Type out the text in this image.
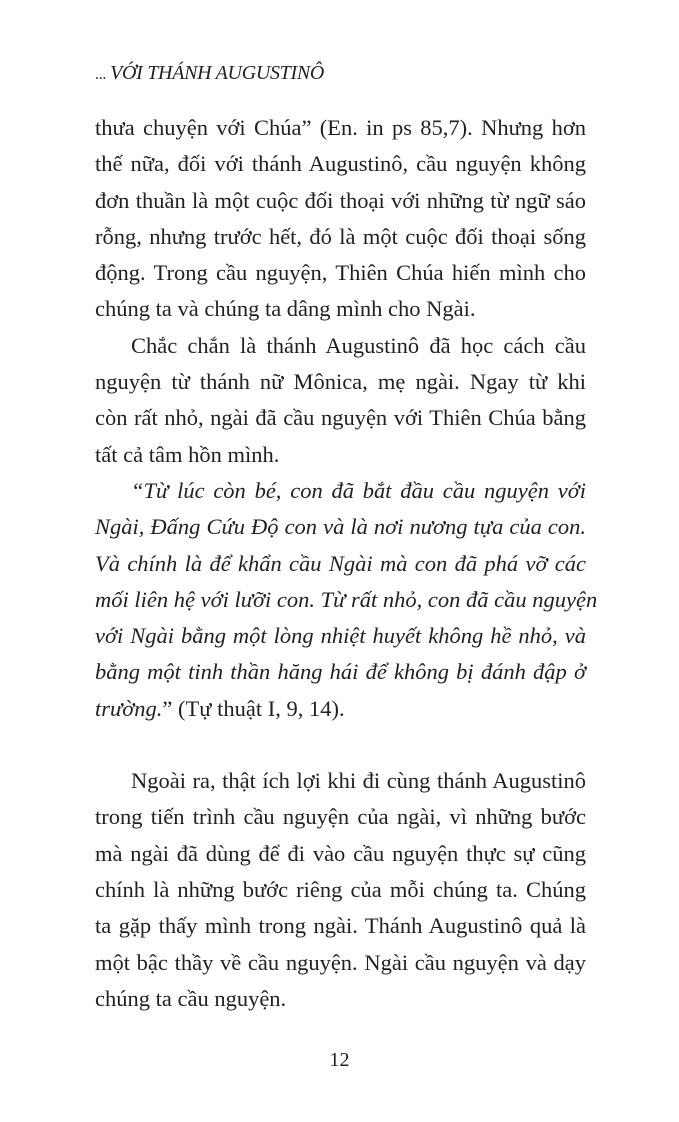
... VỚI THÁNH AUGUSTINÔ
thưa chuyện với Chúa” (En. in ps 85,7). Nhưng hơn
thế nữa, đối với thánh Augustinô, cầu nguyện không
đơn thuần là một cuộc đối thoại với những từ ngữ sáo
rỗng, nhưng trước hết, đó là một cuộc đối thoại sống
động. Trong cầu nguyện, Thiên Chúa hiến mình cho
chúng ta và chúng ta dâng mình cho Ngài.
Chắc chắn là thánh Augustinô đã học cách cầu
nguyện từ thánh nữ Mônica, mẹ ngài. Ngay từ khi
còn rất nhỏ, ngài đã cầu nguyện với Thiên Chúa bằng
tất cả tâm hồn mình.
“Từ lúc còn bé, con đã bắt đầu cầu nguyện với
Ngài, Đấng Cứu Độ con và là nơi nương tựa của con.
Và chính là để khẩn cầu Ngài mà con đã phá vỡ các
mối liên hệ với lưỡi con. Từ rất nhỏ, con đã cầu nguyện
với Ngài bằng một lòng nhiệt huyết không hề nhỏ, và
bằng một tinh thần hăng hái để không bị đánh đập ở
trường.” (Tự thuật I, 9, 14).
Ngoài ra, thật ích lợi khi đi cùng thánh Augustinô
trong tiến trình cầu nguyện của ngài, vì những bước
mà ngài đã dùng để đi vào cầu nguyện thực sự cũng
chính là những bước riêng của mỗi chúng ta. Chúng
ta gặp thấy mình trong ngài. Thánh Augustinô quả là
một bậc thầy về cầu nguyện. Ngài cầu nguyện và dạy
chúng ta cầu nguyện.
12
